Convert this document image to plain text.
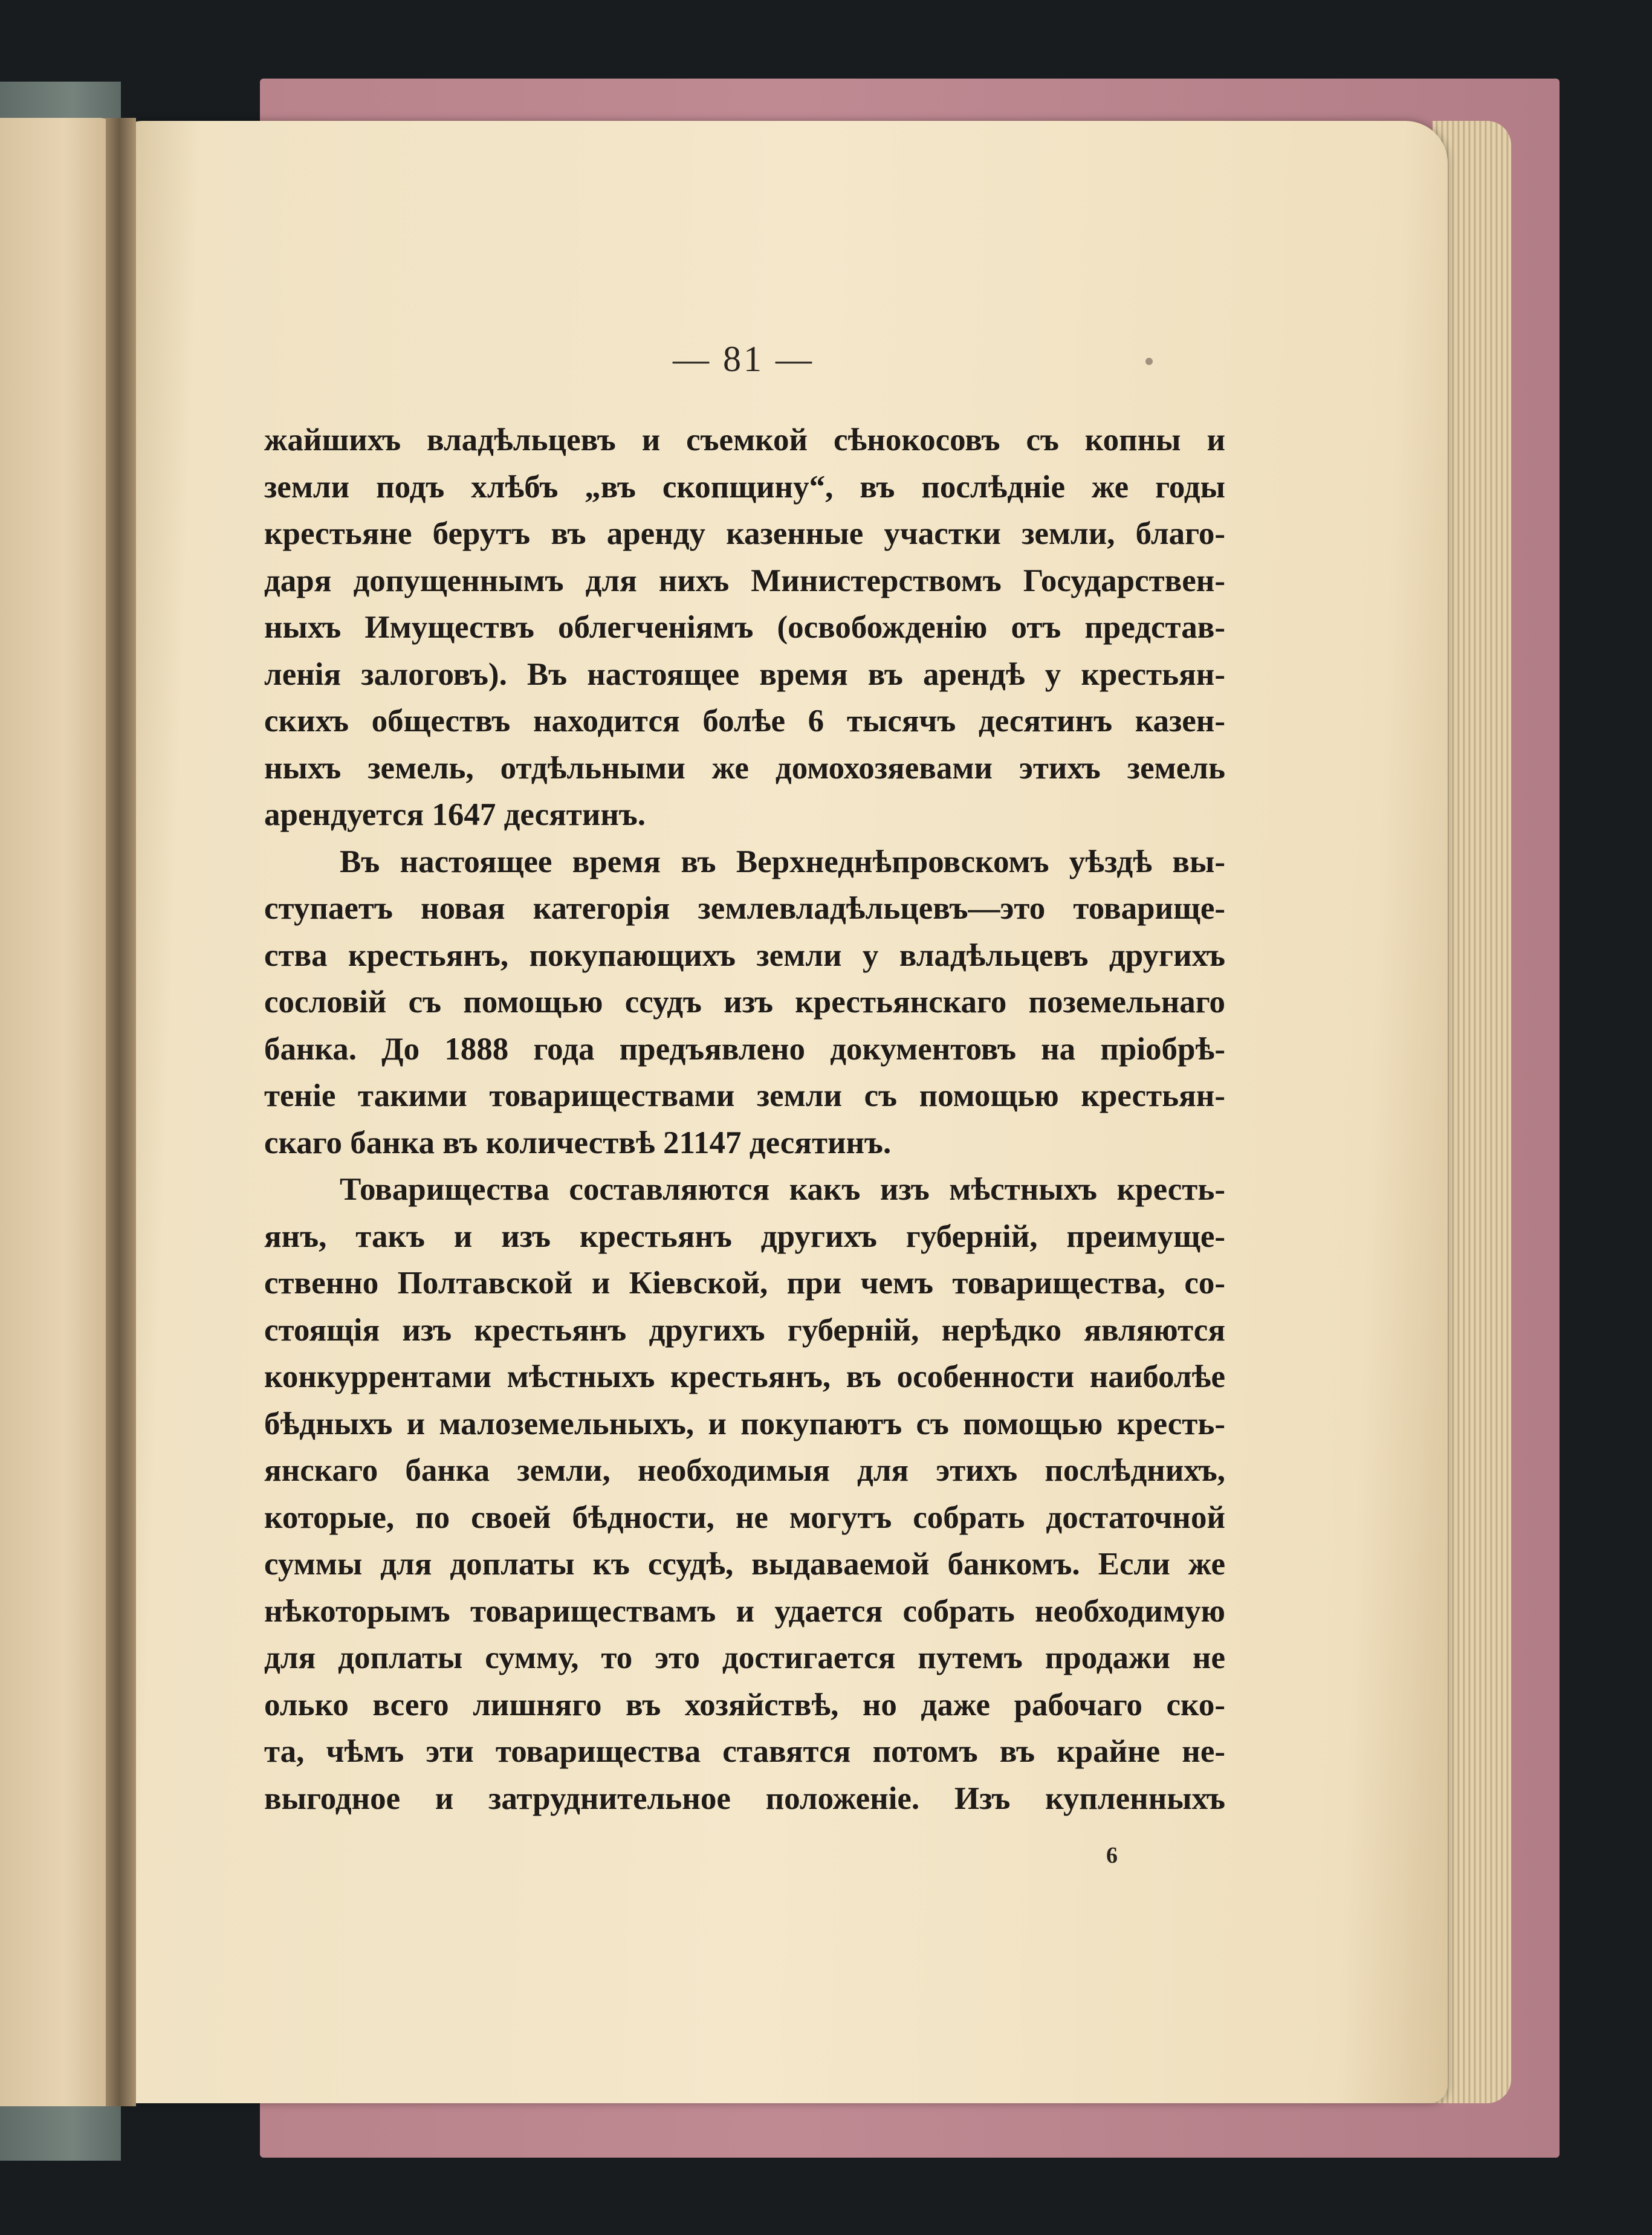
— 81 —
жайшихъ владѣльцевъ и съемкой сѣнокосовъ съ копны и
земли подъ хлѣбъ „въ скопщину“, въ послѣдніе же годы
крестьяне берутъ въ аренду казенные участки земли, благо-
даря допущеннымъ для нихъ Министерствомъ Государствен-
ныхъ Имуществъ облегченіямъ (освобожденію отъ представ-
ленія залоговъ). Въ настоящее время въ арендѣ у крестьян-
скихъ обществъ находится болѣе 6 тысячъ десятинъ казен-
ныхъ земель, отдѣльными же домохозяевами этихъ земель
арендуется 1647 десятинъ.
Въ настоящее время въ Верхнеднѣпровскомъ уѣздѣ вы-
ступаетъ новая категорія землевладѣльцевъ—это товарище-
ства крестьянъ, покупающихъ земли у владѣльцевъ другихъ
сословій съ помощью ссудъ изъ крестьянскаго поземельнаго
банка. До 1888 года предъявлено документовъ на пріобрѣ-
теніе такими товариществами земли съ помощью крестьян-
скаго банка въ количествѣ 21147 десятинъ.
Товарищества составляются какъ изъ мѣстныхъ кресть-
янъ, такъ и изъ крестьянъ другихъ губерній, преимуще-
ственно Полтавской и Кіевской, при чемъ товарищества, со-
стоящія изъ крестьянъ другихъ губерній, нерѣдко являются
конкуррентами мѣстныхъ крестьянъ, въ особенности наиболѣе
бѣдныхъ и малоземельныхъ, и покупаютъ съ помощью кресть-
янскаго банка земли, необходимыя для этихъ послѣднихъ,
которые, по своей бѣдности, не могутъ собрать достаточной
суммы для доплаты къ ссудѣ, выдаваемой банкомъ. Если же
нѣкоторымъ товариществамъ и удается собрать необходимую
для доплаты сумму, то это достигается путемъ продажи не
олько всего лишняго въ хозяйствѣ, но даже рабочаго ско-
та, чѣмъ эти товарищества ставятся потомъ въ крайне не-
выгодное и затруднительное положеніе. Изъ купленныхъ
6
